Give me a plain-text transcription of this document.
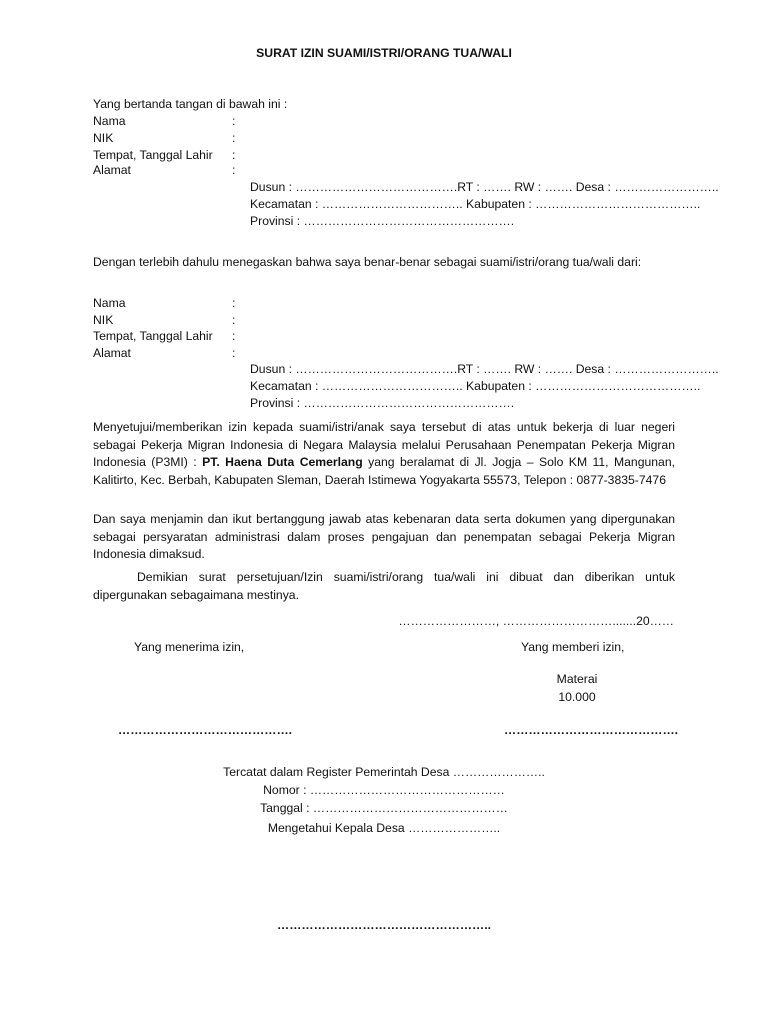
SURAT IZIN SUAMI/ISTRI/ORANG TUA/WALI
Yang bertanda tangan di bawah ini :
Nama	:
NIK	:
Tempat, Tanggal Lahir :
Alamat	:
Dusun : ………………………………….RT : ……. RW : ……. Desa : ……………………..
Kecamatan : …………………………….. Kabupaten : …………………………………..
Provinsi : …………………………………………….
Dengan terlebih dahulu menegaskan bahwa saya benar-benar sebagai suami/istri/orang tua/wali dari:
Nama	:
NIK	:
Tempat, Tanggal Lahir :
Alamat	:
Dusun : ………………………………….RT : ……. RW : ……. Desa : ……………………..
Kecamatan : …………………………….. Kabupaten : …………………………………..
Provinsi : …………………………………………….
Menyetujui/memberikan izin kepada suami/istri/anak saya tersebut di atas untuk bekerja di luar negeri sebagai Pekerja Migran Indonesia di Negara Malaysia melalui Perusahaan Penempatan Pekerja Migran Indonesia (P3MI) : PT. Haena Duta Cemerlang yang beralamat di Jl. Jogja – Solo KM 11, Mangunan, Kalitirto, Kec. Berbah, Kabupaten Sleman, Daerah Istimewa Yogyakarta 55573, Telepon : 0877-3835-7476
Dan saya menjamin dan ikut bertanggung jawab atas kebenaran data serta dokumen yang dipergunakan sebagai persyaratan administrasi dalam proses pengajuan dan penempatan sebagai Pekerja Migran Indonesia dimaksud.
Demikian surat persetujuan/Izin suami/istri/orang tua/wali ini dibuat dan diberikan untuk dipergunakan sebagaimana mestinya.
……………………, ……………………….......20……
Yang menerima izin,	Yang memberi izin,
Materai
10.000
…………………………………….	…………………………………….
Tercatat dalam Register Pemerintah Desa …………………..
Nomor : …………………………………………
Tanggal : …………………………………………
Mengetahui Kepala Desa …………………..
……………………………………………..
